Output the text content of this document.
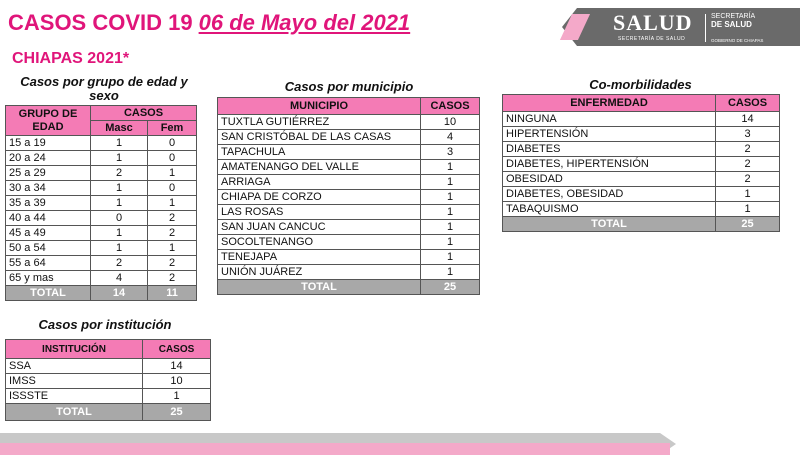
CASOS COVID 19 06 de Mayo del 2021
CHIAPAS 2021*
SALUD
SECRETARÍA DE SALUD
SECRETARÍA
DE SALUD
GOBIERNO DE CHIAPAS
Casos por grupo de edad y sexo
GRUPO DE EDAD	CASOS	
	Masc	Fem
15 a 19	1	0
20 a 24	1	0
25 a 29	2	1
30 a 34	1	0
35 a 39	1	1
40 a 44	0	2
45 a 49	1	2
50 a 54	1	1
55 a 64	2	2
65 y mas	4	2
TOTAL	14	11
Casos por institución
INSTITUCIÓN	CASOS
SSA	14
IMSS	10
ISSSTE	1
TOTAL	25
Casos por municipio
MUNICIPIO	CASOS
TUXTLA GUTIÉRREZ	10
SAN CRISTÓBAL DE LAS CASAS	4
TAPACHULA	3
AMATENANGO DEL VALLE	1
ARRIAGA	1
CHIAPA DE CORZO	1
LAS ROSAS	1
SAN JUAN CANCUC	1
SOCOLTENANGO	1
TENEJAPA	1
UNIÓN JUÁREZ	1
TOTAL	25
Co-morbilidades
ENFERMEDAD	CASOS
NINGUNA	14
HIPERTENSIÓN	3
DIABETES	2
DIABETES, HIPERTENSIÓN	2
OBESIDAD	2
DIABETES, OBESIDAD	1
TABAQUISMO	1
TOTAL	25
